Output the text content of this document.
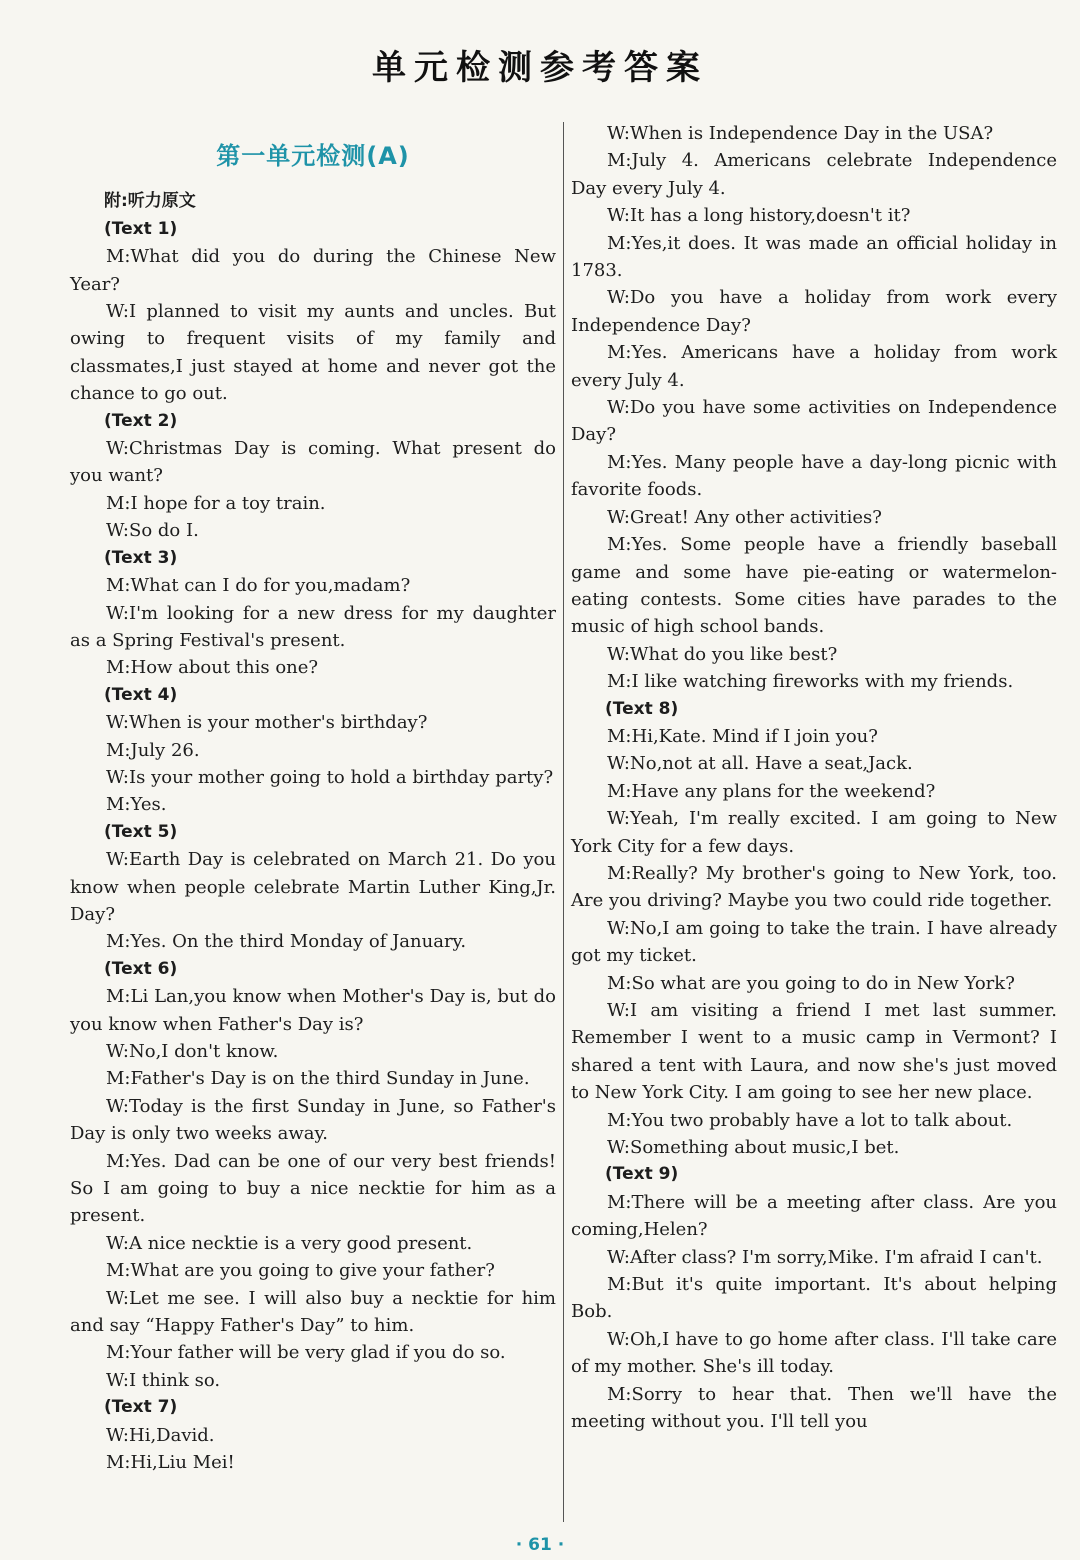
单元检测参考答案
第一单元检测(A)
附:听力原文
(Text 1)
M:What did you do during the Chinese New Year?
W:I planned to visit my aunts and uncles. But owing to frequent visits of my family and classmates,I just stayed at home and never got the chance to go out.
(Text 2)
W:Christmas Day is coming. What present do you want?
M:I hope for a toy train.
W:So do I.
(Text 3)
M:What can I do for you,madam?
W:I'm looking for a new dress for my daughter as a Spring Festival's present.
M:How about this one?
(Text 4)
W:When is your mother's birthday?
M:July 26.
W:Is your mother going to hold a birthday party?
M:Yes.
(Text 5)
W:Earth Day is celebrated on March 21. Do you know when people celebrate Martin Luther King,Jr. Day?
M:Yes. On the third Monday of January.
(Text 6)
M:Li Lan,you know when Mother's Day is, but do you know when Father's Day is?
W:No,I don't know.
M:Father's Day is on the third Sunday in June.
W:Today is the first Sunday in June, so Father's Day is only two weeks away.
M:Yes. Dad can be one of our very best friends! So I am going to buy a nice necktie for him as a present.
W:A nice necktie is a very good present.
M:What are you going to give your father?
W:Let me see. I will also buy a necktie for him and say “Happy Father's Day” to him.
M:Your father will be very glad if you do so.
W:I think so.
(Text 7)
W:Hi,David.
M:Hi,Liu Mei!
W:When is Independence Day in the USA?
M:July 4. Americans celebrate Independence Day every July 4.
W:It has a long history,doesn't it?
M:Yes,it does. It was made an official holiday in 1783.
W:Do you have a holiday from work every Independence Day?
M:Yes. Americans have a holiday from work every July 4.
W:Do you have some activities on Independence Day?
M:Yes. Many people have a day-long picnic with favorite foods.
W:Great! Any other activities?
M:Yes. Some people have a friendly baseball game and some have pie-eating or watermelon-eating contests. Some cities have parades to the music of high school bands.
W:What do you like best?
M:I like watching fireworks with my friends.
(Text 8)
M:Hi,Kate. Mind if I join you?
W:No,not at all. Have a seat,Jack.
M:Have any plans for the weekend?
W:Yeah, I'm really excited. I am going to New York City for a few days.
M:Really? My brother's going to New York, too. Are you driving? Maybe you two could ride together.
W:No,I am going to take the train. I have already got my ticket.
M:So what are you going to do in New York?
W:I am visiting a friend I met last summer. Remember I went to a music camp in Vermont? I shared a tent with Laura, and now she's just moved to New York City. I am going to see her new place.
M:You two probably have a lot to talk about.
W:Something about music,I bet.
(Text 9)
M:There will be a meeting after class. Are you coming,Helen?
W:After class? I'm sorry,Mike. I'm afraid I can't.
M:But it's quite important. It's about helping Bob.
W:Oh,I have to go home after class. I'll take care of my mother. She's ill today.
M:Sorry to hear that. Then we'll have the meeting without you. I'll tell you
· 61 ·
